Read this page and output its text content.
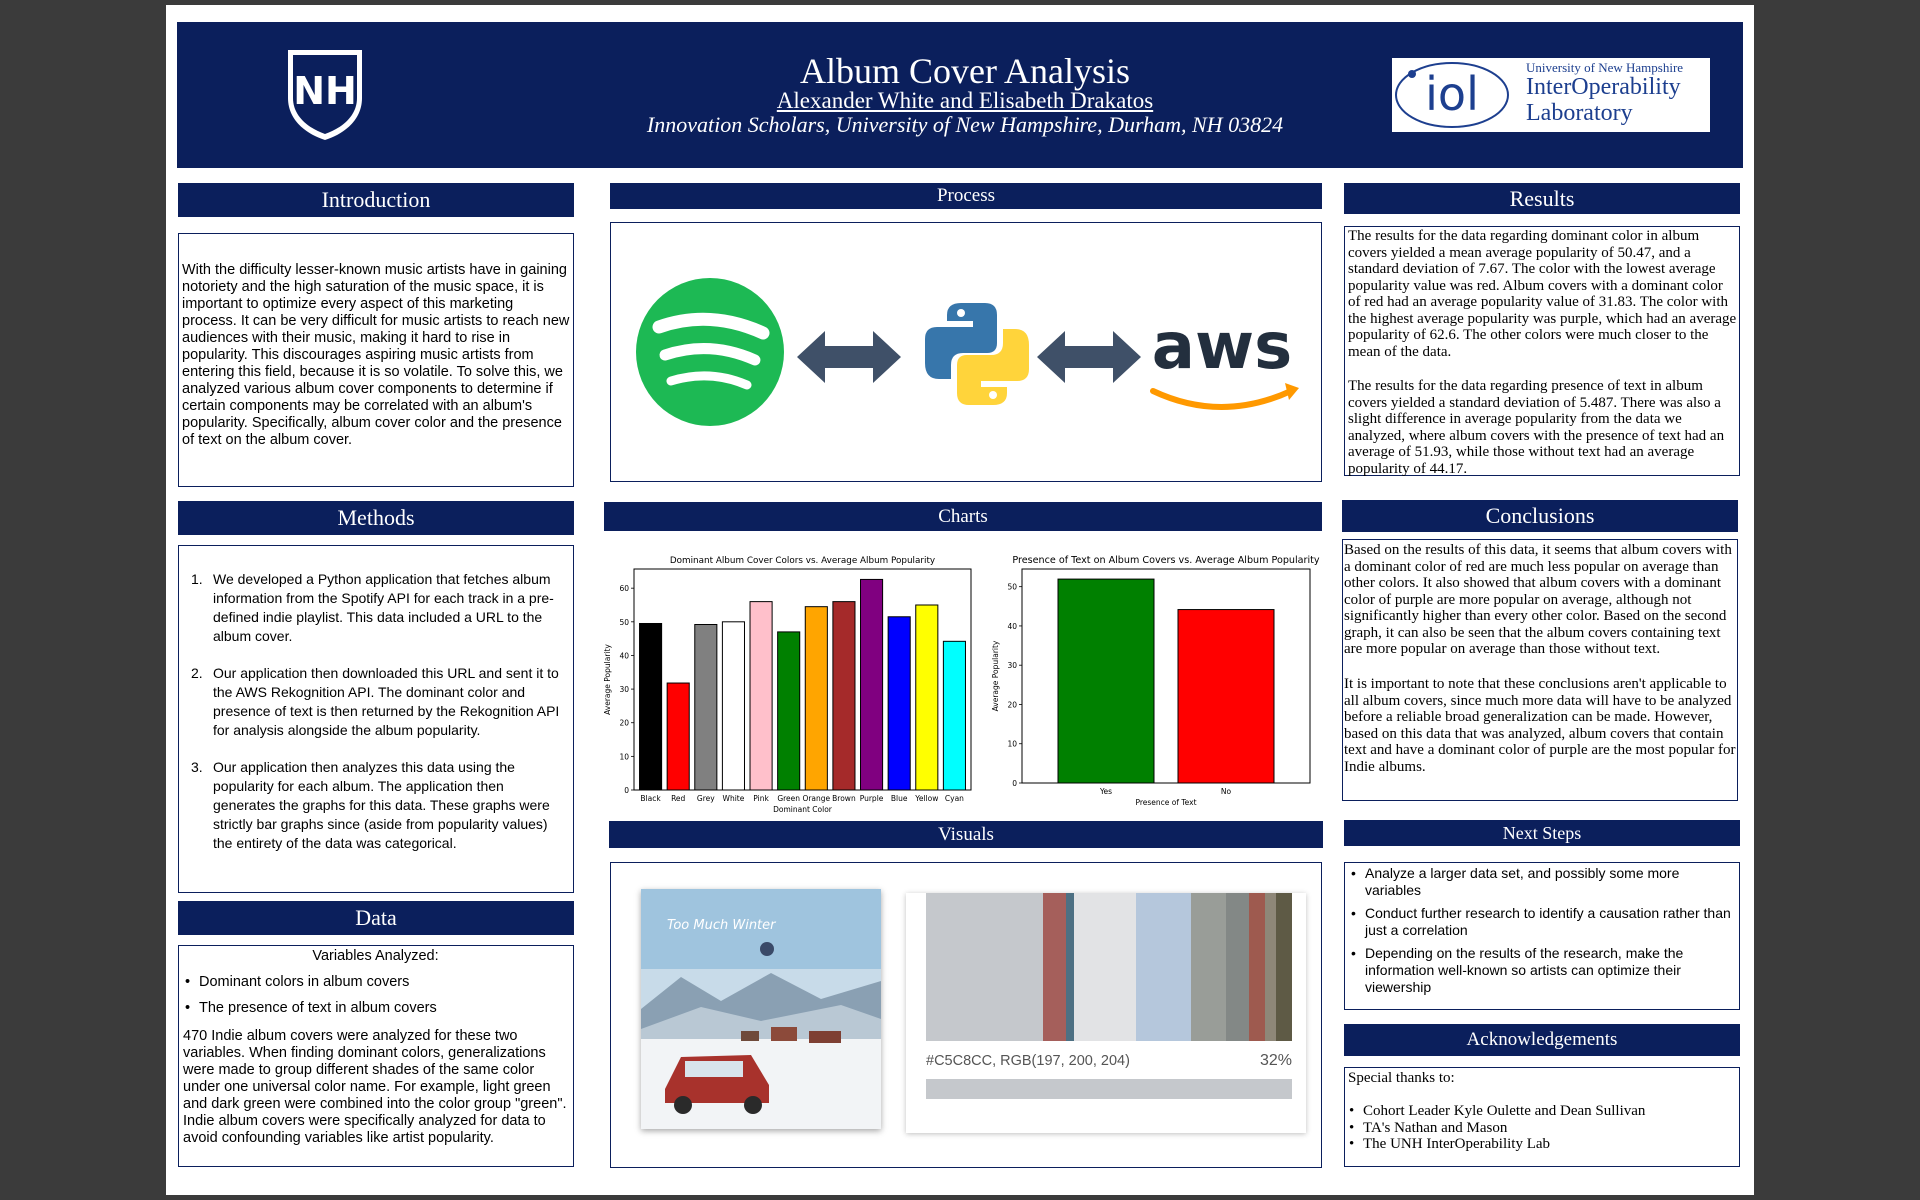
NH	Album Cover Analysis
Alexander White and Elisabeth Drakatos
Innovation Scholars, University of New Hampshire, Durham, NH 03824
iol	University of New Hampshire
InterOperability
Laboratory
Introduction
With the difficulty lesser-known music artists have in gaining notoriety and the high saturation of the music space, it is important to optimize every aspect of this marketing process. It can be very difficult for music artists to reach new audiences with their music, making it hard to rise in popularity. This discourages aspiring music artists from entering this field, because it is so volatile. To solve this, we analyzed various album cover components to determine if certain components may be correlated with an album's popularity. Specifically, album cover color and the presence of text on the album cover.
Methods
1. We developed a Python application that fetches album information from the Spotify API for each track in a pre-defined indie playlist. This data included a URL to the album cover.
2. Our application then downloaded this URL and sent it to the AWS Rekognition API. The dominant color and presence of text is then returned by the Rekognition API for analysis alongside the album popularity.
3. Our application then analyzes this data using the popularity for each album. The application then generates the graphs for this data. These graphs were strictly bar graphs since (aside from popularity values) the entirety of the data was categorical.
Data
Variables Analyzed:
• Dominant colors in album covers
• The presence of text in album covers
470 Indie album covers were analyzed for these two variables. When finding dominant colors, generalizations were made to group different shades of the same color under one universal color name. For example, light green and dark green were combined into the color group "green". Indie album covers were specifically analyzed for data to avoid confounding variables like artist popularity.
Process
aws
Charts
Dominant Album Cover Colors vs. Average Album Popularity
Black Red Grey White Pink Green Orange Brown Purple Blue Yellow Cyan
0
10
20
30
40
50
60
Dominant Color
Average Popularity
Presence of Text on Album Covers vs. Average Album Popularity
Yes	No
0
10
20
30
40
50
Presence of Text
Average Popularity
Visuals
Too Much Winter
#C5C8CC, RGB(197, 200, 204)	32%
Results
The results for the data regarding dominant color in album covers yielded a mean average popularity of 50.47, and a standard deviation of 7.67. The color with the lowest average popularity value was red. Album covers with a dominant color of red had an average popularity value of 31.83. The color with the highest average popularity was purple, which had an average popularity of 62.6. The other colors were much closer to the mean of the data.
The results for the data regarding presence of text in album covers yielded a standard deviation of 5.487. There was also a slight difference in average popularity from the data we analyzed, where album covers with the presence of text had an average of 51.93, while those without text had an average popularity of 44.17.
Conclusions
Based on the results of this data, it seems that album covers with a dominant color of red are much less popular on average than other colors. It also showed that album covers with a dominant color of purple are more popular on average, although not significantly higher than every other color. Based on the second graph, it can also be seen that the album covers containing text are more popular on average than those without text.
It is important to note that these conclusions aren't applicable to all album covers, since much more data will have to be analyzed before a reliable broad generalization can be made. However, based on this data that was analyzed, album covers that contain text and have a dominant color of purple are the most popular for Indie albums.
Next Steps
• Analyze a larger data set, and possibly some more variables
• Conduct further research to identify a causation rather than just a correlation
• Depending on the results of the research, make the information well-known so artists can optimize their viewership
Acknowledgements
Special thanks to:
• Cohort Leader Kyle Oulette and Dean Sullivan
• TA's Nathan and Mason
• The UNH InterOperability Lab
